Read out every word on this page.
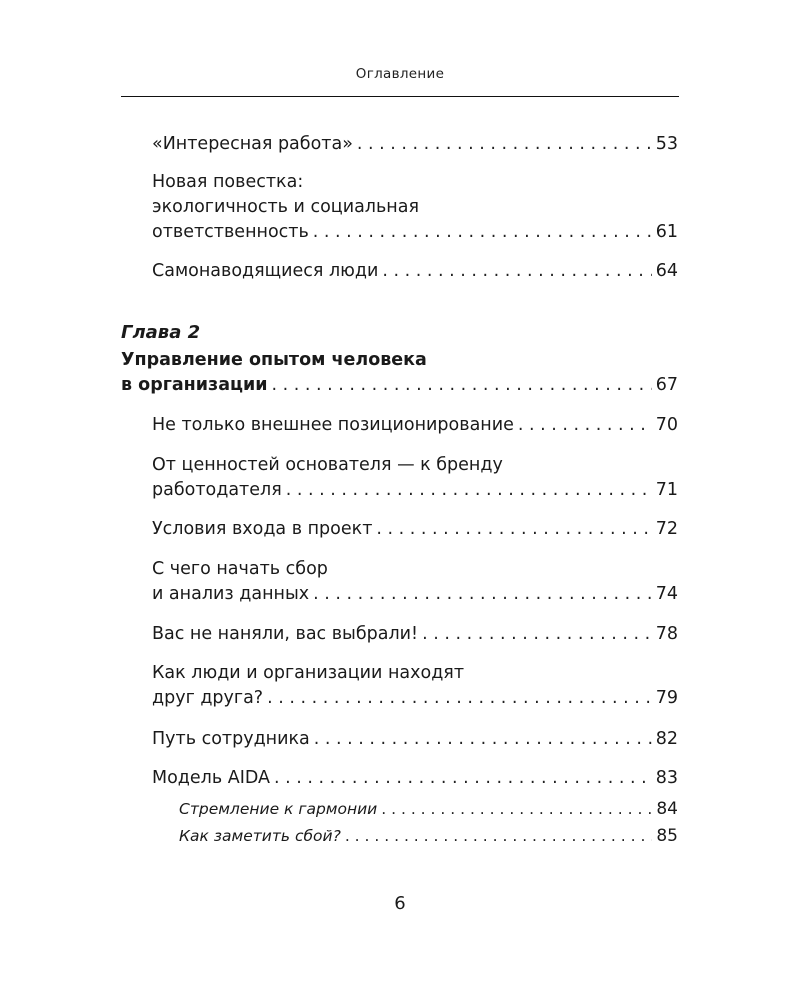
Оглавление
«Интересная работа» . . .	53
Новая повестка:
экологичность и социальная
ответственность . . .	61
Самонаводящиеся люди . . .	64
Глава 2
Управление опытом человека
в организации . . .	67
Не только внешнее позиционирование . . .	70
От ценностей основателя — к бренду
работодателя . . .	71
Условия входа в проект . . .	72
С чего начать сбор
и анализ данных . . .	74
Вас не наняли, вас выбрали! . . .	78
Как люди и организации находят
друг друга? . . .	79
Путь сотрудника . . .	82
Модель AIDA . . .	83
Стремление к гармонии . . .	84
Как заметить сбой? . . .	85
6
